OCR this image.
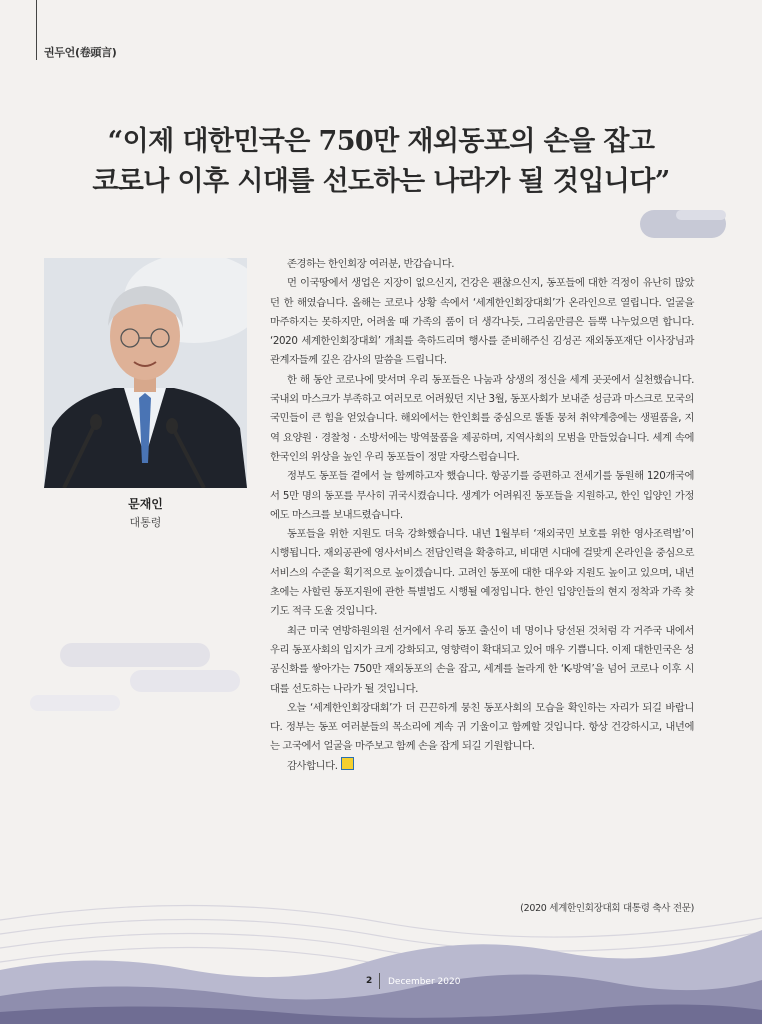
권두언(卷頭言)
“이제 대한민국은 750만 재외동포의 손을 잡고
코로나 이후 시대를 선도하는 나라가 될 것입니다”
문재인
대통령

존경하는 한인회장 여러분, 반갑습니다.

먼 이국땅에서 생업은 지장이 없으신지, 건강은 괜찮으신지, 동포들에 대한 걱정이 유난히 많았던 한 해였습니다. 올해는 코로나 상황 속에서 ‘세계한인회장대회’가 온라인으로 열립니다. 얼굴을 마주하지는 못하지만, 어려울 때 가족의 품이 더 생각나듯, 그리움만큼은 듬뿍 나누었으면 합니다. ‘2020 세계한인회장대회’ 개최를 축하드리며 행사를 준비해주신 김성곤 재외동포재단 이사장님과 관계자들께 깊은 감사의 말씀을 드립니다.

한 해 동안 코로나에 맞서며 우리 동포들은 나눔과 상생의 정신을 세계 곳곳에서 실천했습니다. 국내외 마스크가 부족하고 여러모로 어려웠던 지난 3월, 동포사회가 보내준 성금과 마스크로 모국의 국민들이 큰 힘을 얻었습니다. 해외에서는 한인회를 중심으로 똘똘 뭉쳐 취약계층에는 생필품을, 지역 요양원 · 경찰청 · 소방서에는 방역물품을 제공하며, 지역사회의 모범을 만들었습니다. 세계 속에 한국인의 위상을 높인 우리 동포들이 정말 자랑스럽습니다.

정부도 동포들 곁에서 늘 함께하고자 했습니다. 항공기를 증편하고 전세기를 동원해 120개국에서 5만 명의 동포를 무사히 귀국시켰습니다. 생계가 어려워진 동포들을 지원하고, 한인 입양인 가정에도 마스크를 보내드렸습니다.

동포들을 위한 지원도 더욱 강화했습니다. 내년 1월부터 ‘재외국민 보호를 위한 영사조력법’이 시행됩니다. 재외공관에 영사서비스 전담인력을 확충하고, 비대면 시대에 걸맞게 온라인을 중심으로 서비스의 수준을 획기적으로 높이겠습니다. 고려인 동포에 대한 대우와 지원도 높이고 있으며, 내년 초에는 사할린 동포지원에 관한 특별법도 시행될 예정입니다. 한인 입양인들의 현지 정착과 가족 찾기도 적극 도울 것입니다.

최근 미국 연방하원의원 선거에서 우리 동포 출신이 네 명이나 당선된 것처럼 각 거주국 내에서 우리 동포사회의 입지가 크게 강화되고, 영향력이 확대되고 있어 매우 기쁩니다. 이제 대한민국은 성공신화를 쌓아가는 750만 재외동포의 손을 잡고, 세계를 놀라게 한 ‘K-방역’을 넘어 코로나 이후 시대를 선도하는 나라가 될 것입니다.

오늘 ‘세계한인회장대회’가 더 끈끈하게 뭉친 동포사회의 모습을 확인하는 자리가 되길 바랍니다. 정부는 동포 여러분들의 목소리에 계속 귀 기울이고 함께할 것입니다. 항상 건강하시고, 내년에는 고국에서 얼굴을 마주보고 함께 손을 잡게 되길 기원합니다.

감사합니다.

(2020 세계한인회장대회 대통령 축사 전문)
2 December 2020
